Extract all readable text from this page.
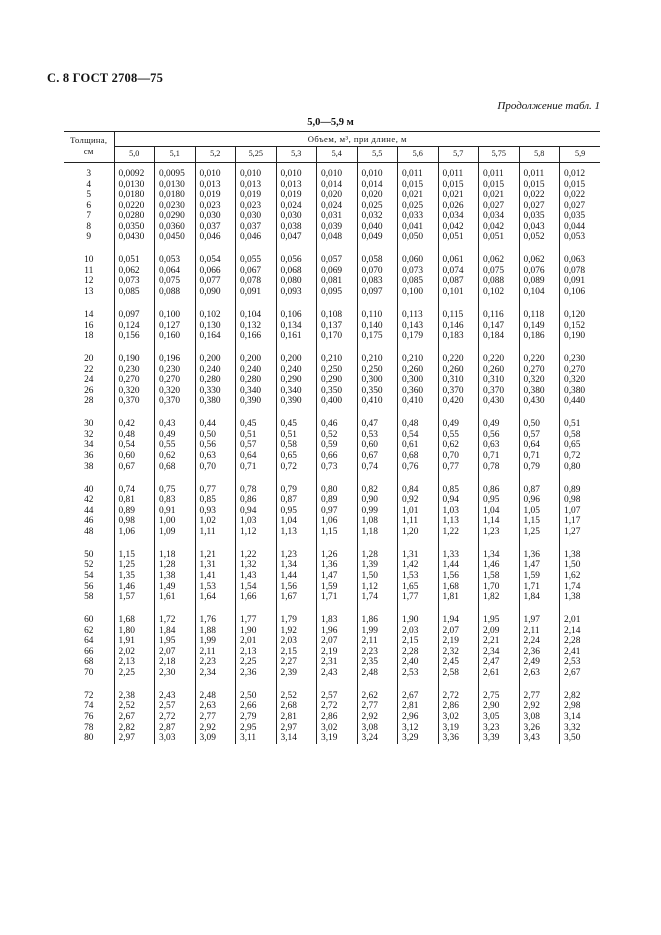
С. 8 ГОСТ 2708—75
Продолжение табл. 1
5,0—5,9 м
Толщина,
см	Объем, м³, при длине, м											
	5,0	5,1	5,2	5,25	5,3	5,4	5,5	5,6	5,7	5,75	5,8	5,9
3	0,0092	0,0095	0,010	0,010	0,010	0,010	0,010	0,011	0,011	0,011	0,011	0,012
4	0,0130	0,0130	0,013	0,013	0,013	0,014	0,014	0,015	0,015	0,015	0,015	0,015
5	0,0180	0,0180	0,019	0,019	0,019	0,020	0,020	0,021	0,021	0,021	0,022	0,022
6	0,0220	0,0230	0,023	0,023	0,024	0,024	0,025	0,025	0,026	0,027	0,027	0,027
7	0,0280	0,0290	0,030	0,030	0,030	0,031	0,032	0,033	0,034	0,034	0,035	0,035
8	0,0350	0,0360	0,037	0,037	0,038	0,039	0,040	0,041	0,042	0,042	0,043	0,044
9	0,0430	0,0450	0,046	0,046	0,047	0,048	0,049	0,050	0,051	0,051	0,052	0,053

10	0,051	0,053	0,054	0,055	0,056	0,057	0,058	0,060	0,061	0,062	0,062	0,063
11	0,062	0,064	0,066	0,067	0,068	0,069	0,070	0,073	0,074	0,075	0,076	0,078
12	0,073	0,075	0,077	0,078	0,080	0,081	0,083	0,085	0,087	0,088	0,089	0,091
13	0,085	0,088	0,090	0,091	0,093	0,095	0,097	0,100	0,101	0,102	0,104	0,106

14	0,097	0,100	0,102	0,104	0,106	0,108	0,110	0,113	0,115	0,116	0,118	0,120
16	0,124	0,127	0,130	0,132	0,134	0,137	0,140	0,143	0,146	0,147	0,149	0,152
18	0,156	0,160	0,164	0,166	0,161	0,170	0,175	0,179	0,183	0,184	0,186	0,190

20	0,190	0,196	0,200	0,200	0,200	0,210	0,210	0,210	0,220	0,220	0,220	0,230
22	0,230	0,230	0,240	0,240	0,240	0,250	0,250	0,260	0,260	0,260	0,270	0,270
24	0,270	0,270	0,280	0,280	0,290	0,290	0,300	0,300	0,310	0,310	0,320	0,320
26	0,320	0,320	0,330	0,340	0,340	0,350	0,350	0,360	0,370	0,370	0,380	0,380
28	0,370	0,370	0,380	0,390	0,390	0,400	0,410	0,410	0,420	0,430	0,430	0,440

30	0,42	0,43	0,44	0,45	0,45	0,46	0,47	0,48	0,49	0,49	0,50	0,51
32	0,48	0,49	0,50	0,51	0,51	0,52	0,53	0,54	0,55	0,56	0,57	0,58
34	0,54	0,55	0,56	0,57	0,58	0,59	0,60	0,61	0,62	0,63	0,64	0,65
36	0,60	0,62	0,63	0,64	0,65	0,66	0,67	0,68	0,70	0,71	0,71	0,72
38	0,67	0,68	0,70	0,71	0,72	0,73	0,74	0,76	0,77	0,78	0,79	0,80

40	0,74	0,75	0,77	0,78	0,79	0,80	0,82	0,84	0,85	0,86	0,87	0,89
42	0,81	0,83	0,85	0,86	0,87	0,89	0,90	0,92	0,94	0,95	0,96	0,98
44	0,89	0,91	0,93	0,94	0,95	0,97	0,99	1,01	1,03	1,04	1,05	1,07
46	0,98	1,00	1,02	1,03	1,04	1,06	1,08	1,11	1,13	1,14	1,15	1,17
48	1,06	1,09	1,11	1,12	1,13	1,15	1,18	1,20	1,22	1,23	1,25	1,27

50	1,15	1,18	1,21	1,22	1,23	1,26	1,28	1,31	1,33	1,34	1,36	1,38
52	1,25	1,28	1,31	1,32	1,34	1,36	1,39	1,42	1,44	1,46	1,47	1,50
54	1,35	1,38	1,41	1,43	1,44	1,47	1,50	1,53	1,56	1,58	1,59	1,62
56	1,46	1,49	1,53	1,54	1,56	1,59	1,12	1,65	1,68	1,70	1,71	1,74
58	1,57	1,61	1,64	1,66	1,67	1,71	1,74	1,77	1,81	1,82	1,84	1,38

60	1,68	1,72	1,76	1,77	1,79	1,83	1,86	1,90	1,94	1,95	1,97	2,01
62	1,80	1,84	1,88	1,90	1,92	1,96	1,99	2,03	2,07	2,09	2,11	2,14
64	1,91	1,95	1,99	2,01	2,03	2,07	2,11	2,15	2,19	2,21	2,24	2,28
66	2,02	2,07	2,11	2,13	2,15	2,19	2,23	2,28	2,32	2,34	2,36	2,41
68	2,13	2,18	2,23	2,25	2,27	2,31	2,35	2,40	2,45	2,47	2,49	2,53
70	2,25	2,30	2,34	2,36	2,39	2,43	2,48	2,53	2,58	2,61	2,63	2,67

72	2,38	2,43	2,48	2,50	2,52	2,57	2,62	2,67	2,72	2,75	2,77	2,82
74	2,52	2,57	2,63	2,66	2,68	2,72	2,77	2,81	2,86	2,90	2,92	2,98
76	2,67	2,72	2,77	2,79	2,81	2,86	2,92	2,96	3,02	3,05	3,08	3,14
78	2,82	2,87	2,92	2,95	2,97	3,02	3,08	3,12	3,19	3,23	3,26	3,32
80	2,97	3,03	3,09	3,11	3,14	3,19	3,24	3,29	3,36	3,39	3,43	3,50
